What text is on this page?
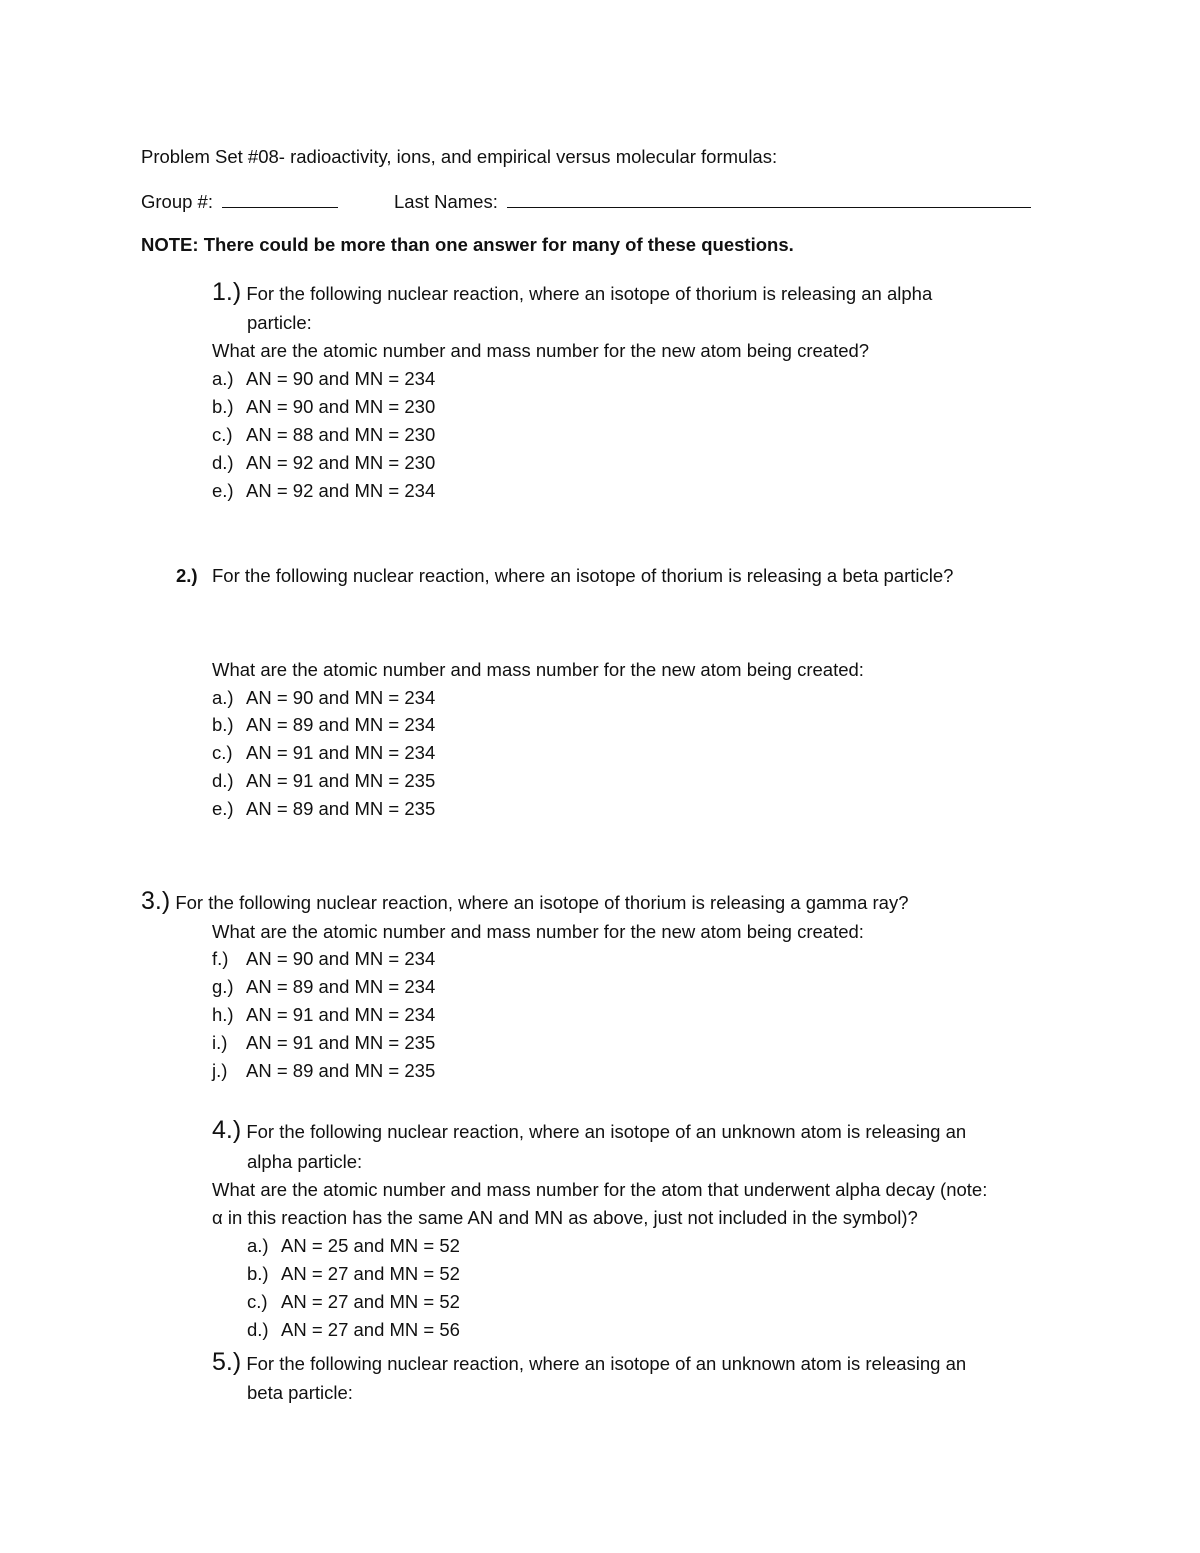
Problem Set #08- radioactivity, ions, and empirical versus molecular formulas:
Group #:	Last Names:
NOTE: There could be more than one answer for many of these questions.
1.) For the following nuclear reaction, where an isotope of thorium is releasing an alpha
particle:
What are the atomic number and mass number for the new atom being created?
a.) AN = 90 and MN = 234
b.) AN = 90 and MN = 230
c.) AN = 88 and MN = 230
d.) AN = 92 and MN = 230
e.) AN = 92 and MN = 234
2.) For the following nuclear reaction, where an isotope of thorium is releasing a beta particle?
What are the atomic number and mass number for the new atom being created:
a.) AN = 90 and MN = 234
b.) AN = 89 and MN = 234
c.) AN = 91 and MN = 234
d.) AN = 91 and MN = 235
e.) AN = 89 and MN = 235
3.) For the following nuclear reaction, where an isotope of thorium is releasing a gamma ray?
What are the atomic number and mass number for the new atom being created:
f.) AN = 90 and MN = 234
g.) AN = 89 and MN = 234
h.) AN = 91 and MN = 234
i.) AN = 91 and MN = 235
j.) AN = 89 and MN = 235
4.) For the following nuclear reaction, where an isotope of an unknown atom is releasing an
alpha particle:
What are the atomic number and mass number for the atom that underwent alpha decay (note:
α in this reaction has the same AN and MN as above, just not included in the symbol)?
a.) AN = 25 and MN = 52
b.) AN = 27 and MN = 52
c.) AN = 27 and MN = 52
d.) AN = 27 and MN = 56
5.) For the following nuclear reaction, where an isotope of an unknown atom is releasing an
beta particle:
